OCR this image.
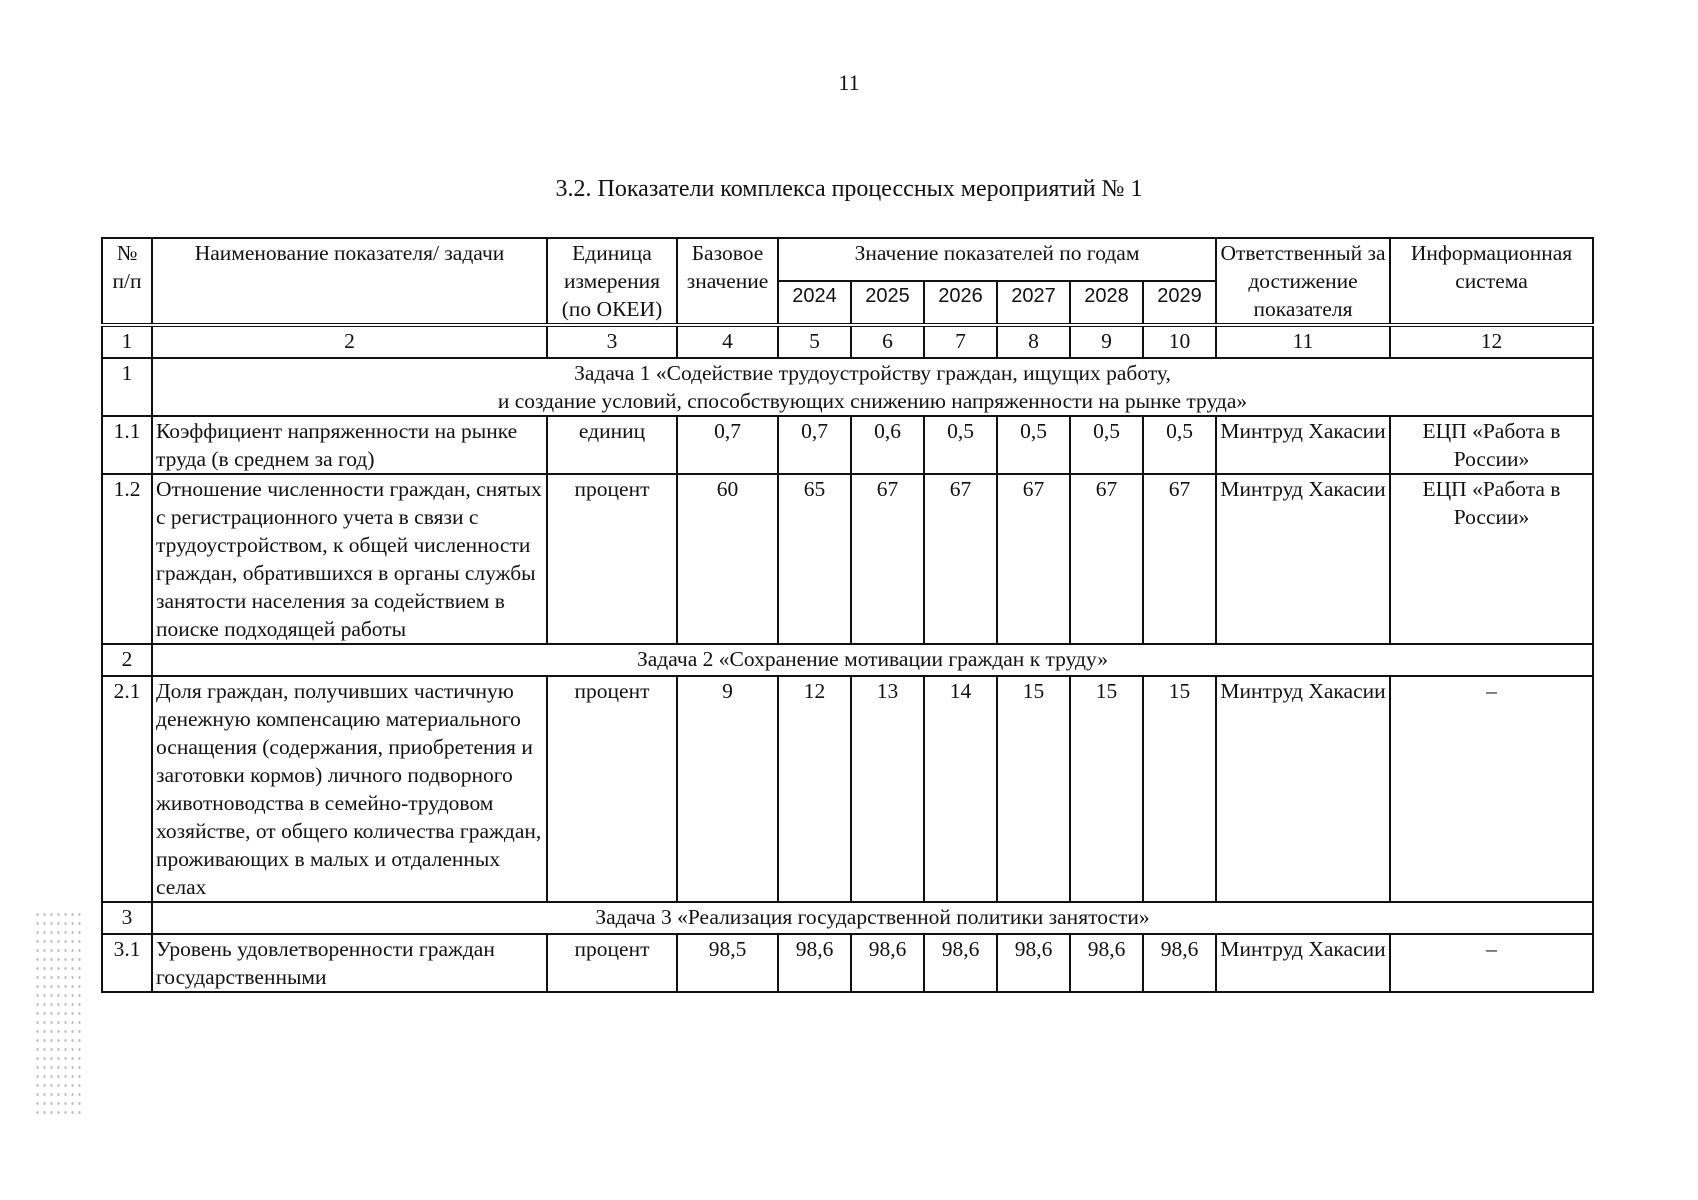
11
3.2. Показатели комплекса процессных мероприятий № 1
№ п/п	Наименование показателя/ задачи	Единица измерения (по ОКЕИ)	Базовое значение	Значение показателей по годам						Ответственный за достижение показателя	Информационная система
				2024	2025	2026	2027	2028	2029		
1	2	3	4	5	6	7	8	9	10	11	12
1	Задача 1 «Содействие трудоустройству граждан, ищущих работу,
и создание условий, способствующих снижению напряженности на рынке труда»										

1.1	Коэффициент напряженности на рынке труда (в среднем за год)	единиц	0,7	0,7	0,6	0,5	0,5	0,5	0,5	Минтруд Хакасии	ЕЦП «Работа в России»
1.2	Отношение численности граждан, снятых с регистрационного учета в связи с трудоустройством, к общей численности граждан, обратившихся в органы службы занятости населения за содействием в поиске подходящей работы	процент	60	65	67	67	67	67	67	Минтруд Хакасии	ЕЦП «Работа в России»
2	Задача 2 «Сохранение мотивации граждан к труду»										
2.1	Доля граждан, получивших частичную денежную компенсацию материального оснащения (содержания, приобретения и заготовки кормов) личного подворного животноводства в семейно-трудовом хозяйстве, от общего количества граждан, проживающих в малых и отдаленных селах	процент	9	12	13	14	15	15	15	Минтруд Хакасии	–
3	Задача 3 «Реализация государственной политики занятости»										
3.1	Уровень удовлетворенности граждан государственными	процент	98,5	98,6	98,6	98,6	98,6	98,6	98,6	Минтруд Хакасии	–
